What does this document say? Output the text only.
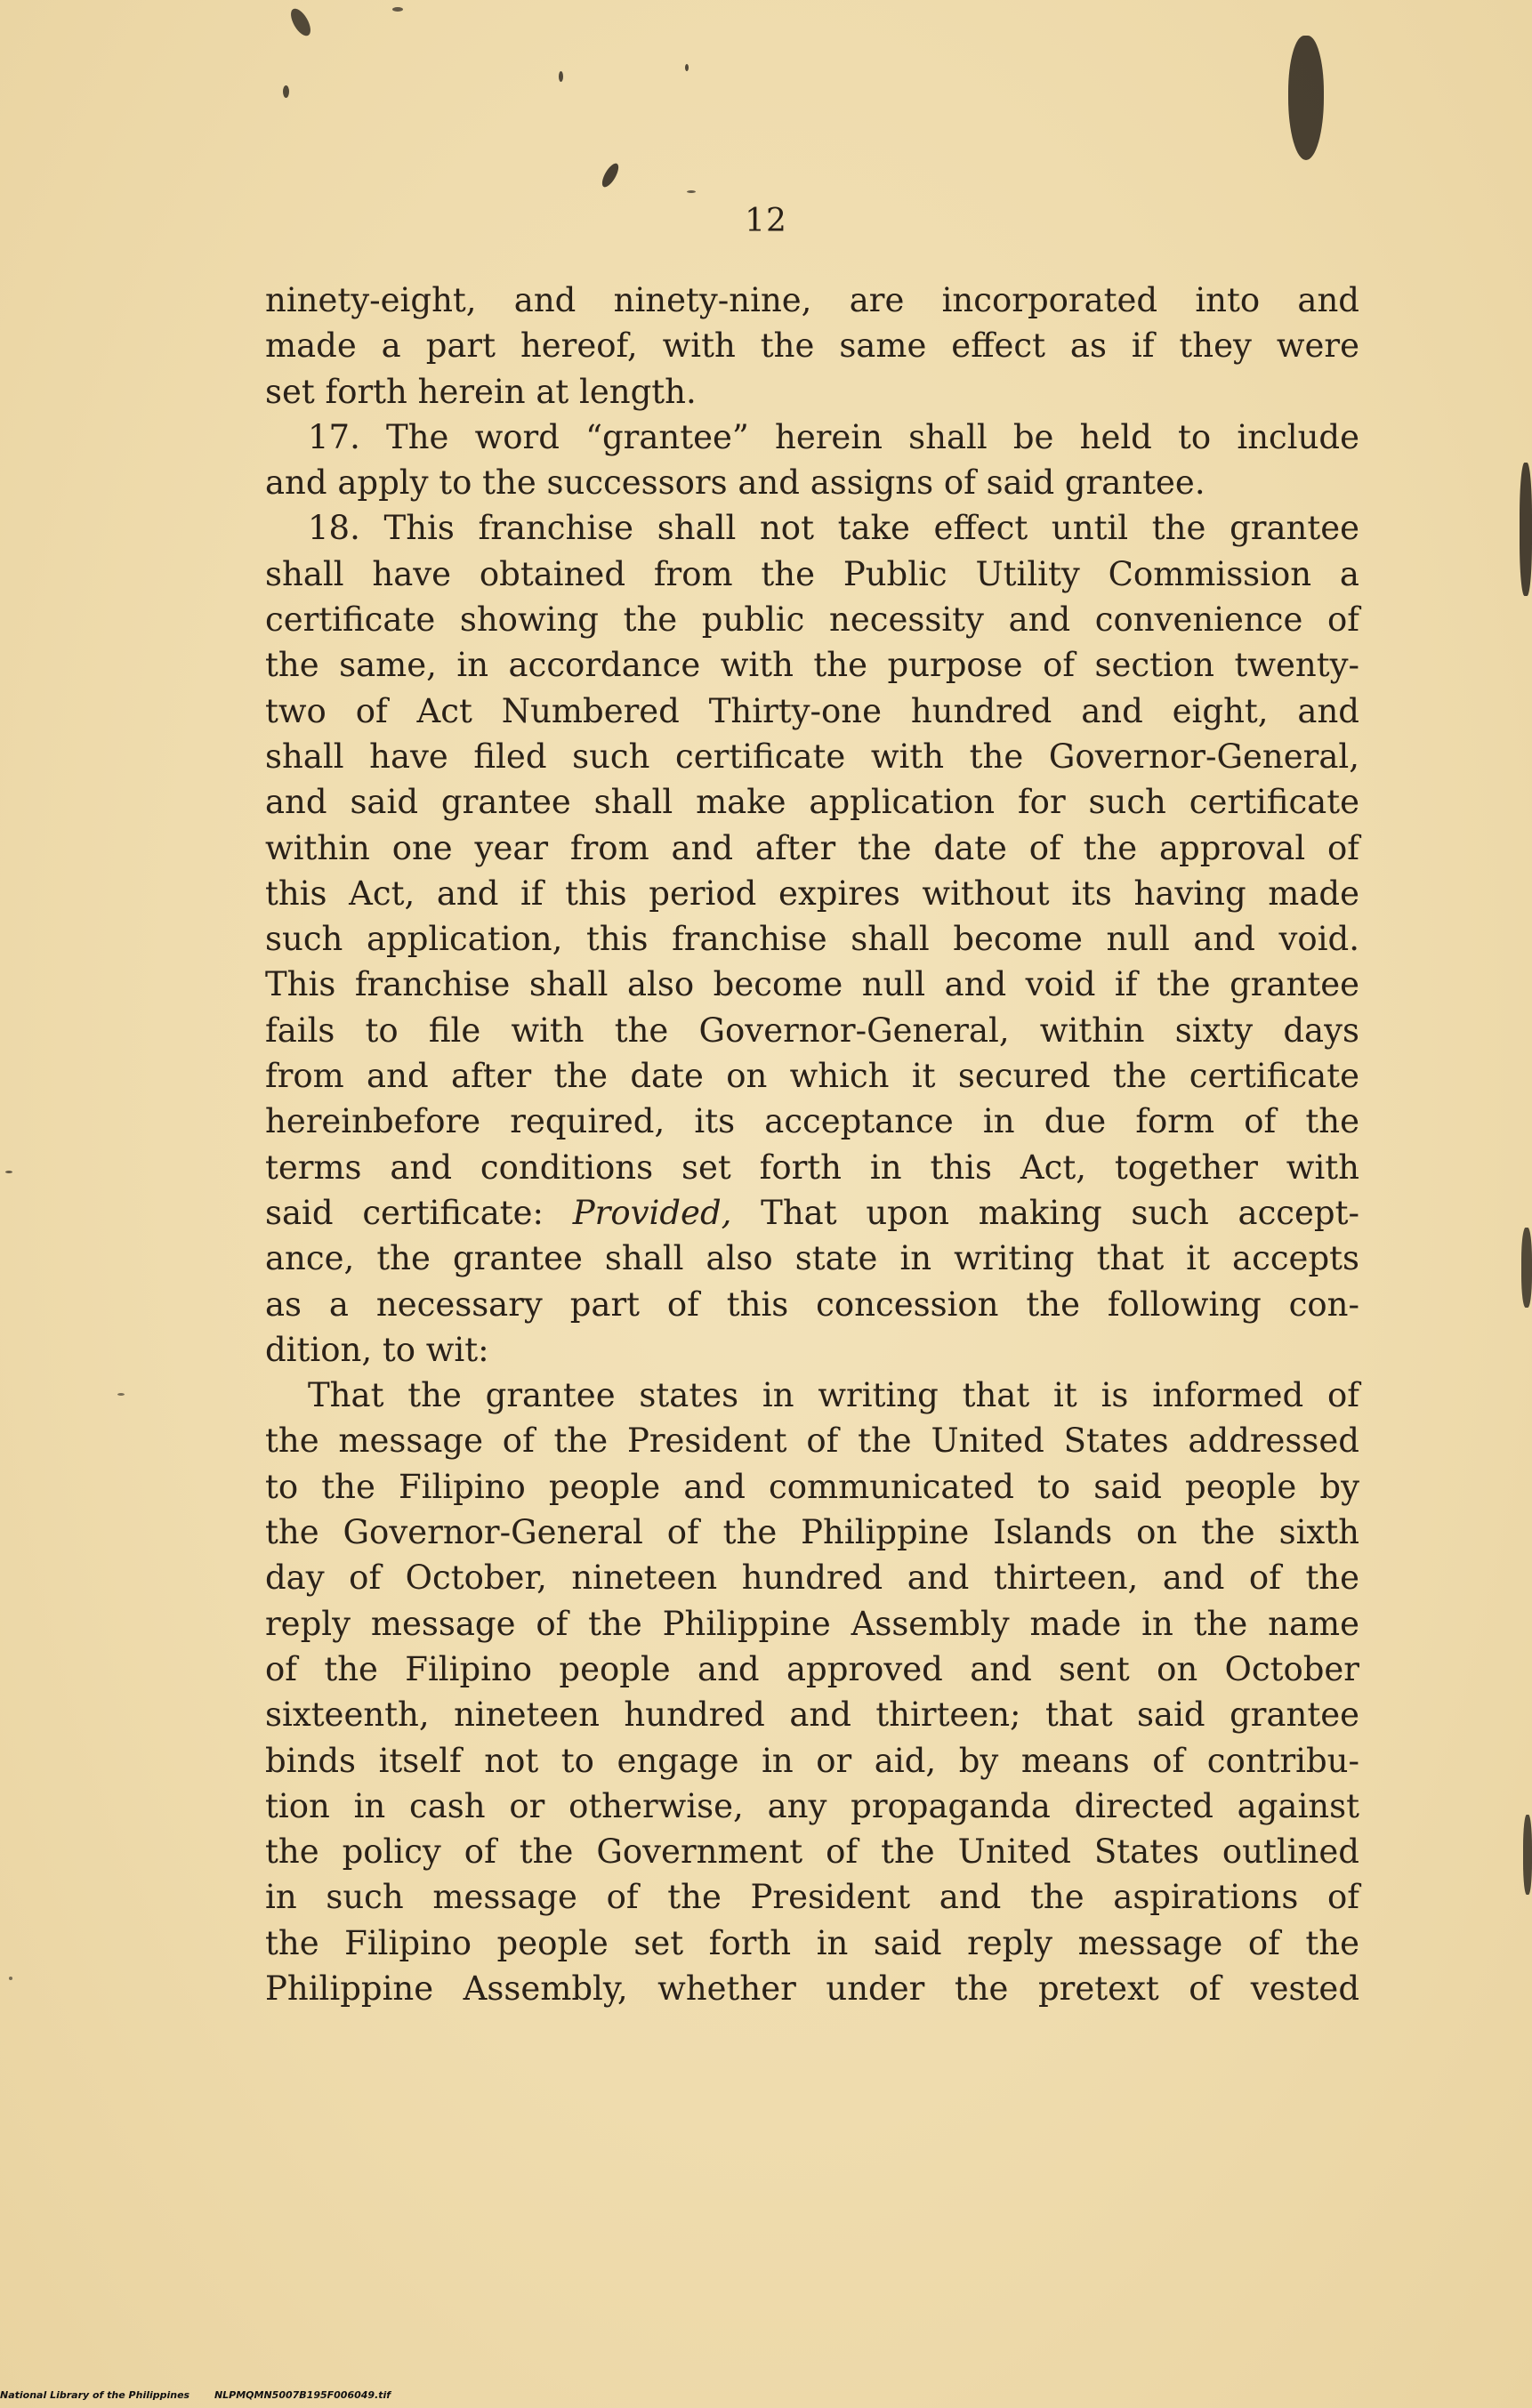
12
ninety-eight, and ninety-nine, are incorporated into and
made a part hereof, with the same effect as if they were
set forth herein at length.
17. The word “grantee” herein shall be held to include
and apply to the successors and assigns of said grantee.
18. This franchise shall not take effect until the grantee
shall have obtained from the Public Utility Commission a
certificate showing the public necessity and convenience of
the same, in accordance with the purpose of section twenty-
two of Act Numbered Thirty-one hundred and eight, and
shall have filed such certificate with the Governor-General,
and said grantee shall make application for such certificate
within one year from and after the date of the approval of
this Act, and if this period expires without its having made
such application, this franchise shall become null and void.
This franchise shall also become null and void if the grantee
fails to file with the Governor-General, within sixty days
from and after the date on which it secured the certificate
hereinbefore required, its acceptance in due form of the
terms and conditions set forth in this Act, together with
said certificate: Provided, That upon making such accept-
ance, the grantee shall also state in writing that it accepts
as a necessary part of this concession the following con-
dition, to wit:
That the grantee states in writing that it is informed of
the message of the President of the United States addressed
to the Filipino people and communicated to said people by
the Governor-General of the Philippine Islands on the sixth
day of October, nineteen hundred and thirteen, and of the
reply message of the Philippine Assembly made in the name
of the Filipino people and approved and sent on October
sixteenth, nineteen hundred and thirteen; that said grantee
binds itself not to engage in or aid, by means of contribu-
tion in cash or otherwise, any propaganda directed against
the policy of the Government of the United States outlined
in such message of the President and the aspirations of
the Filipino people set forth in said reply message of the
Philippine Assembly, whether under the pretext of vested
National Library of the Philippines	NLPMQMN5007B195F006049.tif
